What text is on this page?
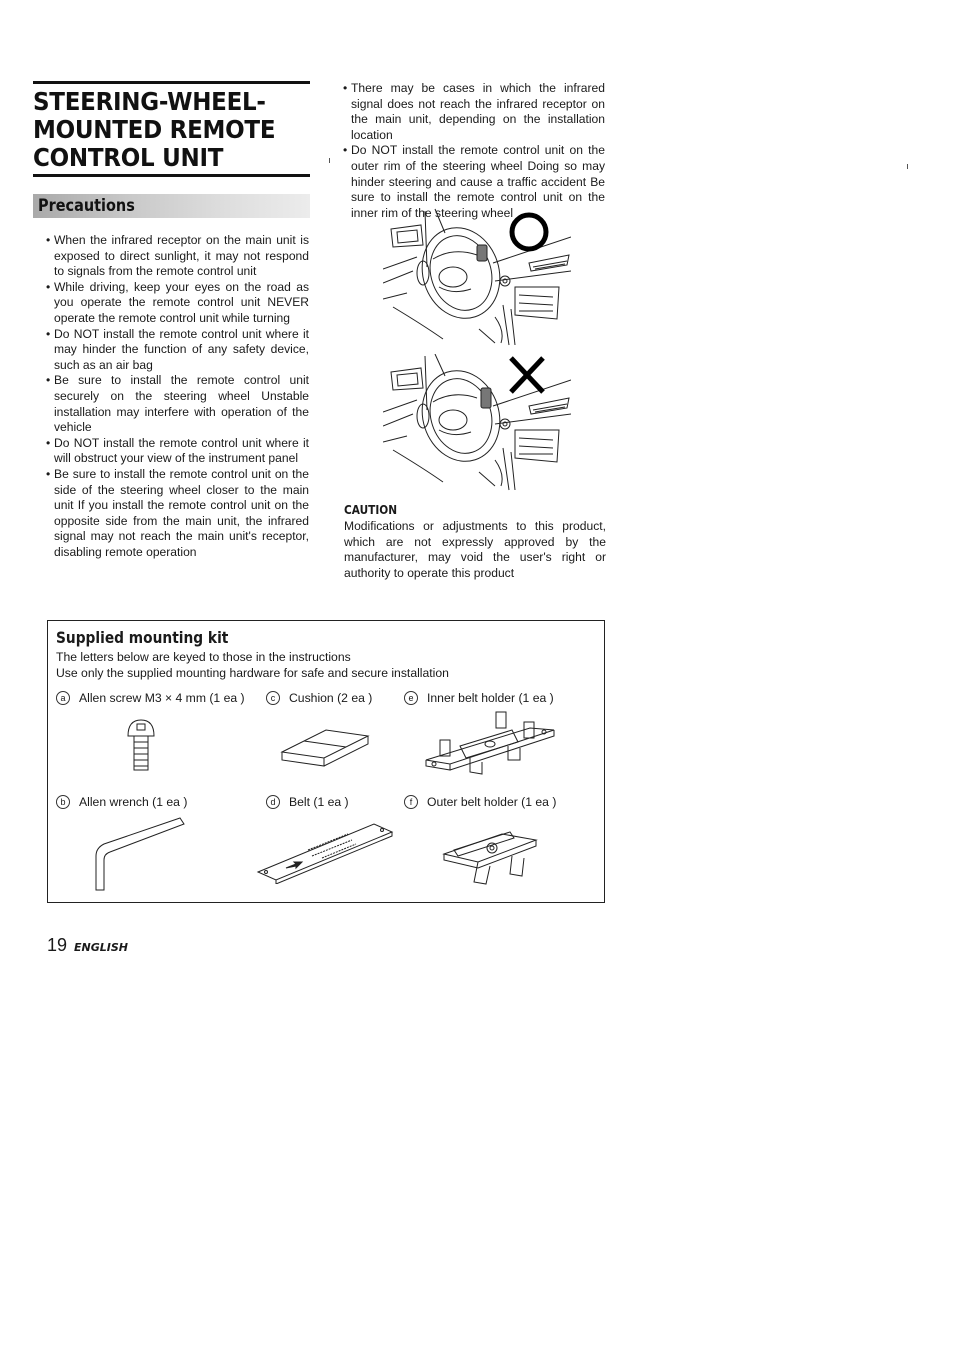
STEERING-WHEEL-
MOUNTED REMOTE
CONTROL UNIT
Precautions
• When the infrared receptor on the main unit is exposed to direct sunlight, it may not respond to signals from the remote control unit
• While driving, keep your eyes on the road as you operate the remote control unit NEVER operate the remote control unit while turning
• Do NOT install the remote control unit where it may hinder the function of any safety device, such as an air bag
• Be sure to install the remote control unit securely on the steering wheel Unstable installation may interfere with operation of the vehicle
• Do NOT install the remote control unit where it will obstruct your view of the instrument panel
• Be sure to install the remote control unit on the side of the steering wheel closer to the main unit If you install the remote control unit on the opposite side from the main unit, the infrared signal may not reach the main unit's receptor, disabling remote operation
• There may be cases in which the infrared signal does not reach the infrared receptor on the main unit, depending on the installation location
• Do NOT install the remote control unit on the outer rim of the steering wheel Doing so may hinder steering and cause a traffic accident Be sure to install the remote control unit on the inner rim of the steering wheel
CAUTION
Modifications or adjustments to this product, which are not expressly approved by the manufacturer, may void the user's right or authority to operate this product
Supplied mounting kit
The letters below are keyed to those in the instructions
Use only the supplied mounting hardware for safe and secure installation
a	Allen screw M3 × 4 mm (1 ea )	c	Cushion (2 ea )	e	Inner belt holder (1 ea )
b	Allen wrench (1 ea )	d	Belt (1 ea )	f	Outer belt holder (1 ea )
19 ENGLISH
